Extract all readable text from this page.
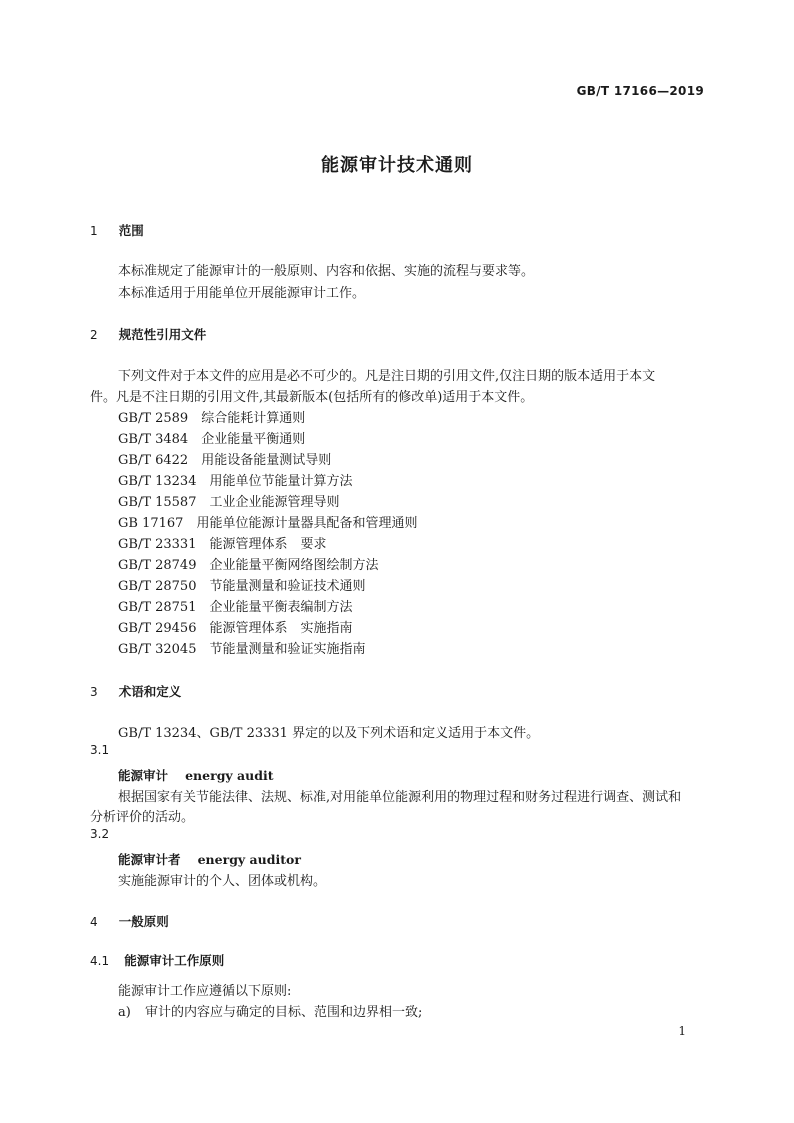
GB/T 17166—2019
能源审计技术通则
1 范围
本标准规定了能源审计的一般原则、内容和依据、实施的流程与要求等。
本标准适用于用能单位开展能源审计工作。
2 规范性引用文件
下列文件对于本文件的应用是必不可少的。凡是注日期的引用文件,仅注日期的版本适用于本文
件。凡是不注日期的引用文件,其最新版本(包括所有的修改单)适用于本文件。
GB/T 2589 综合能耗计算通则
GB/T 3484 企业能量平衡通则
GB/T 6422 用能设备能量测试导则
GB/T 13234 用能单位节能量计算方法
GB/T 15587 工业企业能源管理导则
GB 17167 用能单位能源计量器具配备和管理通则
GB/T 23331 能源管理体系　要求
GB/T 28749 企业能量平衡网络图绘制方法
GB/T 28750 节能量测量和验证技术通则
GB/T 28751 企业能量平衡表编制方法
GB/T 29456 能源管理体系　实施指南
GB/T 32045 节能量测量和验证实施指南
3 术语和定义
GB/T 13234、GB/T 23331 界定的以及下列术语和定义适用于本文件。
3.1
能源审计 energy audit
根据国家有关节能法律、法规、标准,对用能单位能源利用的物理过程和财务过程进行调查、测试和
分析评价的活动。
3.2
能源审计者 energy auditor
实施能源审计的个人、团体或机构。
4 一般原则
4.1 能源审计工作原则
能源审计工作应遵循以下原则:
a) 审计的内容应与确定的目标、范围和边界相一致;
1
